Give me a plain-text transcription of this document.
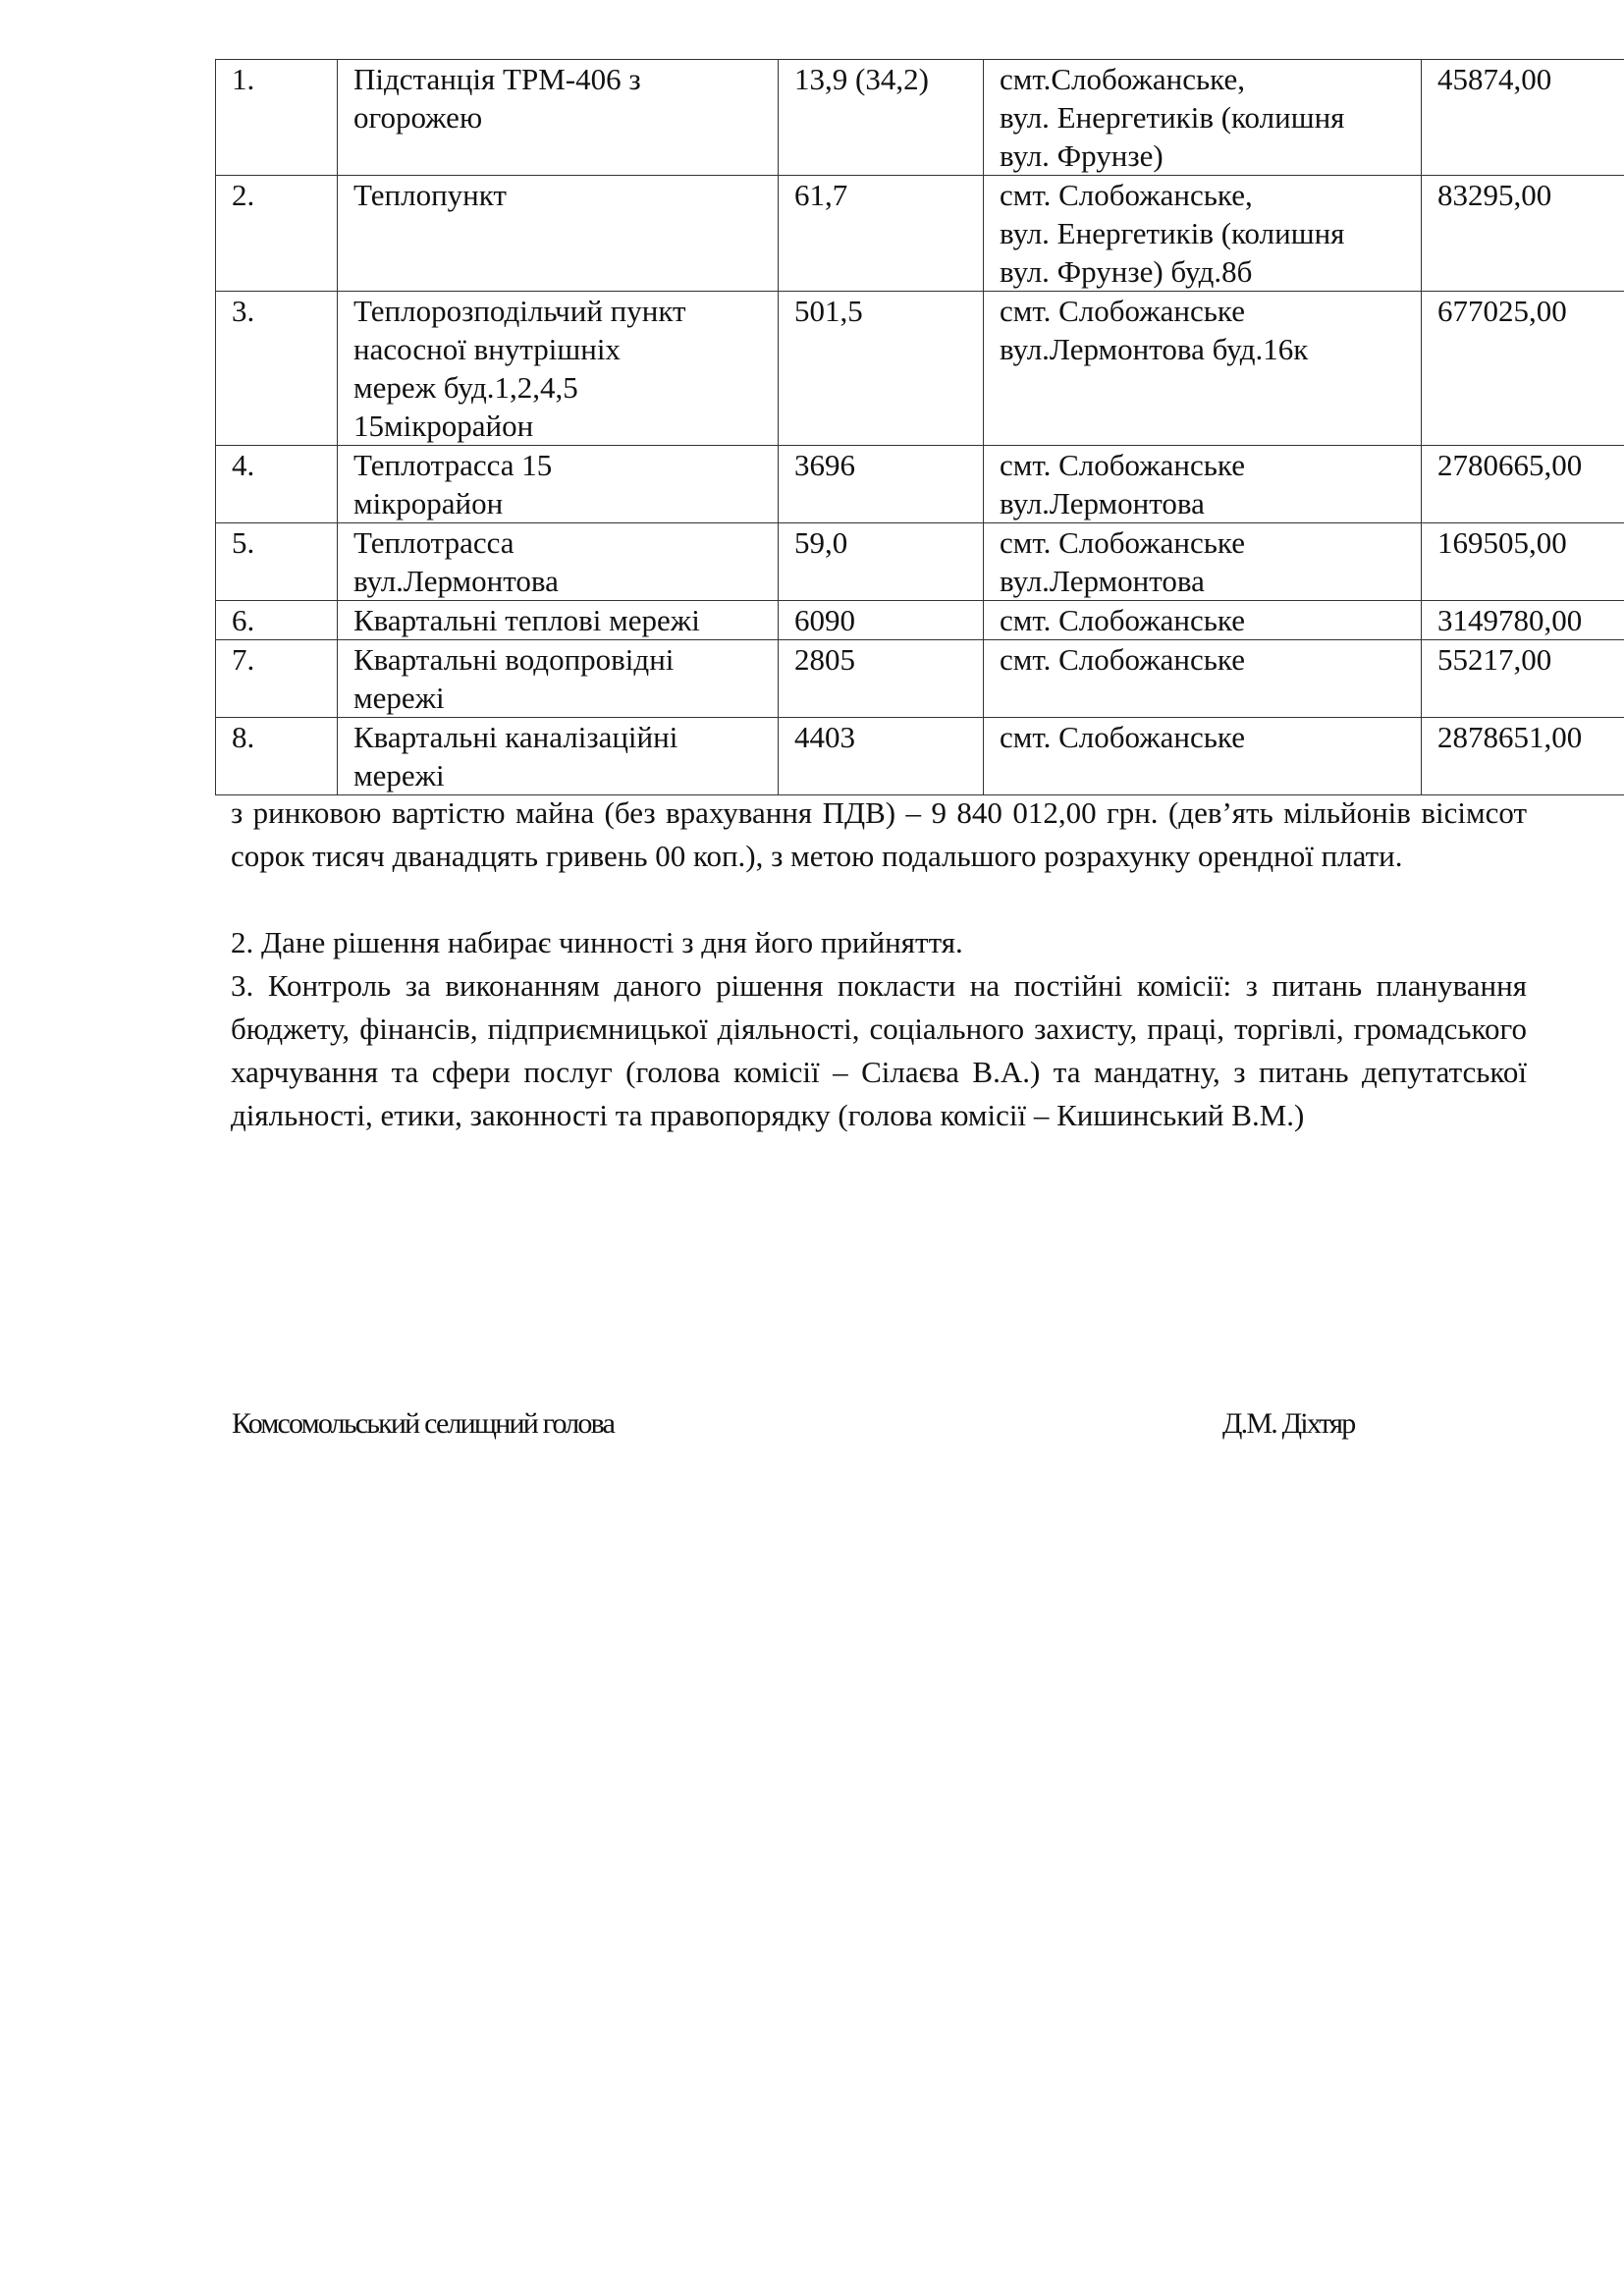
1.	Підстанція ТРМ-406 з
огорожею	13,9 (34,2)	смт.Слобожанське,
вул. Енергетиків (колишня
вул. Фрунзе)	45874,00
2.	Теплопункт	61,7	смт. Слобожанське,
вул. Енергетиків (колишня
вул. Фрунзе) буд.8б	83295,00
3.	Теплорозподільчий пункт
насосної внутрішніх
мереж буд.1,2,4,5
15мікрорайон	501,5	смт. Слобожанське
вул.Лермонтова буд.16к	677025,00
4.	Теплотрасса 15
мікрорайон	3696	смт. Слобожанське
вул.Лермонтова	2780665,00
5.	Теплотрасса
вул.Лермонтова	59,0	смт. Слобожанське
вул.Лермонтова	169505,00
6.	Квартальні теплові мережі	6090	смт. Слобожанське	3149780,00
7.	Квартальні водопровідні
мережі	2805	смт. Слобожанське	55217,00
8.	Квартальні каналізаційні
мережі	4403	смт. Слобожанське	2878651,00
з ринковою вартістю майна (без врахування ПДВ) – 9 840 012,00 грн. (дев’ять мільйонів вісімсот сорок тисяч дванадцять гривень 00 коп.), з метою подальшого розрахунку орендної плати.
2. Дане рішення набирає чинності з дня його прийняття.
3. Контроль за виконанням даного рішення покласти на постійні комісії: з питань планування бюджету, фінансів, підприємницької діяльності, соціального захисту, праці, торгівлі, громадського харчування та сфери послуг (голова комісії – Сілаєва В.А.) та мандатну, з питань депутатської діяльності, етики, законності та правопорядку (голова комісії – Кишинський В.М.)
Комсомольський селищний голова	Д.М. Діхтяр
